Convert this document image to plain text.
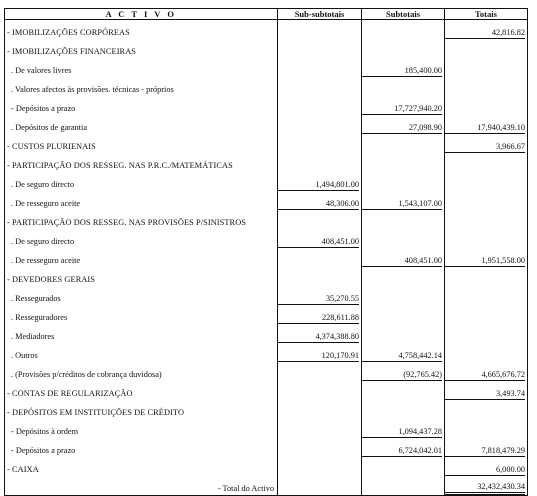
A C T I V O	Sub-subtotais	Subtotais	Totais
- IMOBILIZAÇÕES CORPÓREAS			42,816.82
- IMOBILIZAÇÕES FINANCEIRAS			
. De valores livres		185,400.00	
. Valores afectos às provisões. técnicas - próprios			
- Depósitos a prazo		17,727,940.20	
. Depósitos de garantia		27,098.90	17,940,439.10
- CUSTOS PLURIENAIS			3,966.67
- PARTICIPAÇÃO DOS RESSEG. NAS P.R.C./MATEMÁTICAS			
. De seguro directo	1,494,801.00		
. De resseguro aceite	48,306.00	1,543,107.00	
- PARTICIPAÇÃO DOS RESSEG. NAS PROVISÕES P/SINISTROS			
. De seguro directo	408,451.00		
. De resseguro aceite		408,451.00	1,951,558.00
- DEVEDORES GERAIS			
. Ressegurados	35,270.55		
. Resseguradores	228,611.88		
. Mediadores	4,374,388.80		
. Outros	120,170.91	4,758,442.14	
. (Provisões p/créditos de cobrança duvidosa)		(92,765.42)	4,665,676.72
- CONTAS DE REGULARIZAÇÃO			3,493.74
- DEPÓSITOS EM INSTITUIÇÕES DE CRÉDITO			
- Depósitos à ordem		1,094,437.28	
- Depósitos a prazo		6,724,042.01	7,818,479.29
- CAIXA			6,000.00
- Total do Activo			32,432,430.34
